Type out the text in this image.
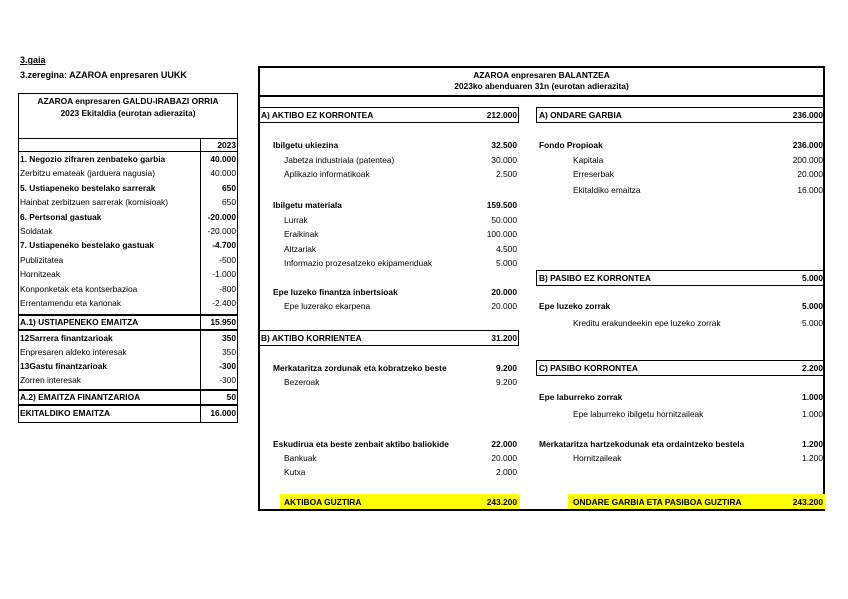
3.gaia
3.zeregina: AZAROA enpresaren UUKK
AZAROA enpresaren GALDU-IRABAZI ORRIA
2023 Ekitaldia (eurotan adierazita)
2023
1. Negozio zifraren zenbateko garbia	40.000
Zerbitzu emateak (jarduera nagusia)	40.000
5. Ustiapeneko bestelako sarrerak	650
Hainbat zerbitzuen sarrerak (komisioak)	650
6. Pertsonal gastuak	-20.000
Soldatak	-20.000
7. Ustiapeneko bestelako gastuak	-4.700
Publizitatea	-500
Hornitzeak	-1.000
Konponketak eta kontserbazioa	-800
Errentamendu eta kanonak	-2.400
A.1) USTIAPENEKO EMAITZA	15.950
12Sarrera finantzarioak	350
Enpresaren aldeko interesak	350
13Gastu finantzarioak	-300
Zorren interesak	-300
A.2) EMAITZA FINANTZARIOA	50
EKITALDIKO EMAITZA	16.000
AZAROA enpresaren BALANTZEA
2023ko abenduaren 31n (eurotan adierazita)
A) AKTIBO EZ KORRONTEA	212.000
Ibilgetu ukiezina	32.500
Jabetza industriala (patentea)	30.000
Aplikazio informatikoak	2.500
Ibilgetu materiala	159.500
Lurrak	50.000
Eraikinak	100.000
Altzariak	4.500
Informazio prozesatzeko ekipamenduak	5.000
Epe luzeko finantza inbertsioak	20.000
Epe luzerako ekarpena	20.000
B) AKTIBO KORRIENTEA	31.200
Merkataritza zordunak eta kobratzeko beste	9.200
Bezeroak	9.200
Eskudirua eta beste zenbait aktibo baliokide	22.000
Bankuak	20.000
Kutxa	2.000
AKTIBOA GUZTIRA	243.200
A) ONDARE GARBIA	236.000
Fondo Propioak	236.000
Kapitala	200.000
Erreserbak	20.000
Ekitaldiko emaitza	16.000
B) PASIBO EZ KORRONTEA	5.000
Epe luzeko zorrak	5.000
Kreditu erakundeekin epe luzeko zorrak	5.000
C) PASIBO KORRONTEA	2.200
Epe laburreko zorrak	1.000
Epe laburreko ibilgetu hornitzaileak	1.000
Merkataritza hartzekodunak eta ordaintzeko bestela	1.200
Hornitzaileak	1.200
ONDARE GARBIA ETA PASIBOA GUZTIRA	243.200
